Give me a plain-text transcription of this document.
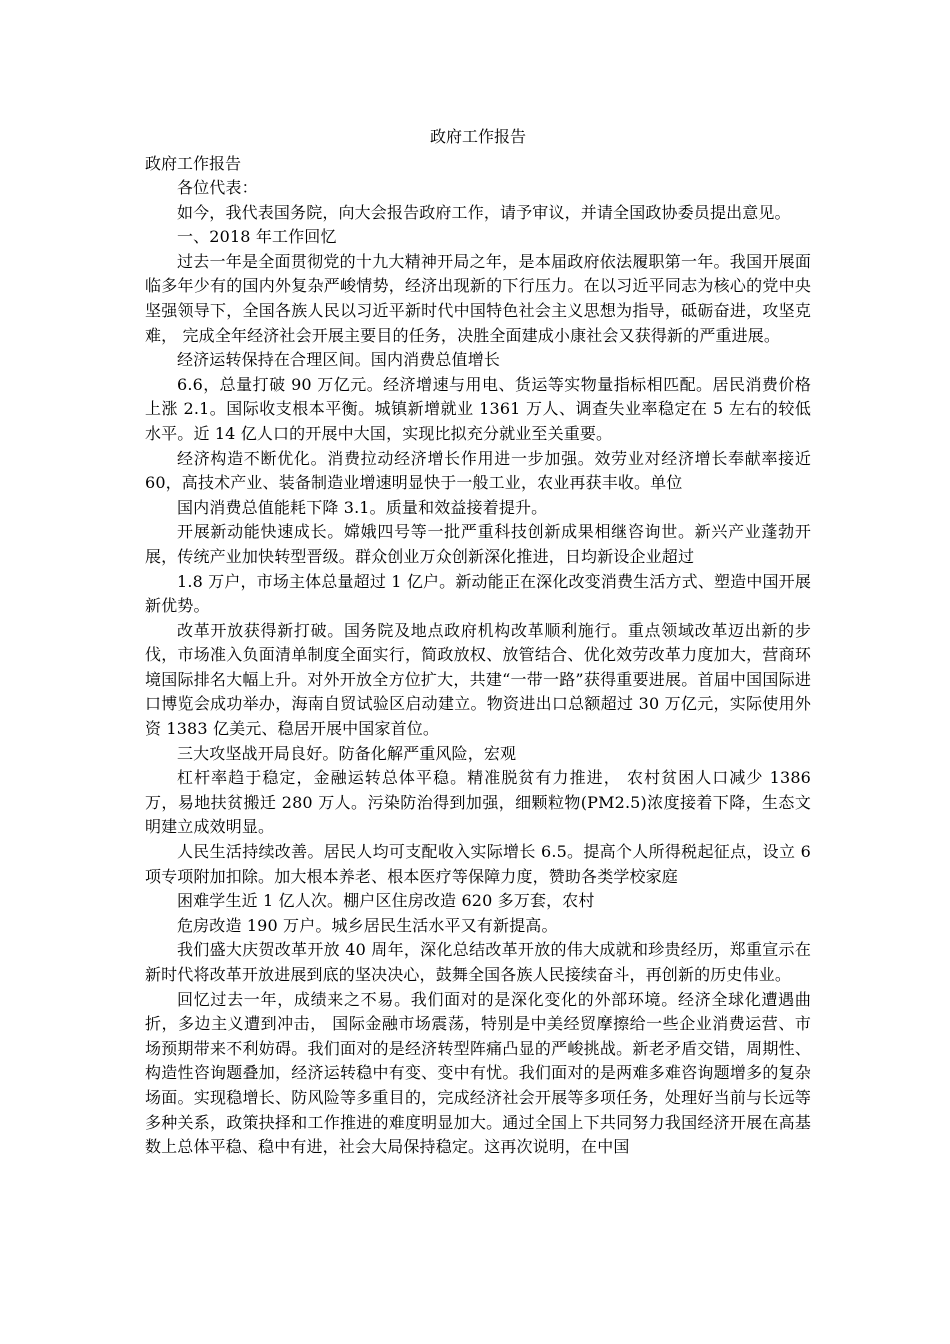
政府工作报告
政府工作报告

各位代表：

如今，我代表国务院，向大会报告政府工作，请予审议，并请全国政协委员提出意见。

一、2018 年工作回忆

过去一年是全面贯彻党的十九大精神开局之年，是本届政府依法履职第一年。我国开展面临多年少有的国内外复杂严峻情势，经济出现新的下行压力。在以习近平同志为核心的党中央坚强领导下，全国各族人民以习近平新时代中国特色社会主义思想为指导，砥砺奋进，攻坚克难， 完成全年经济社会开展主要目的任务，决胜全面建成小康社会又获得新的严重进展。

经济运转保持在合理区间。国内消费总值增长

6.6，总量打破 90 万亿元。经济增速与用电、货运等实物量指标相匹配。居民消费价格上涨 2.1。国际收支根本平衡。城镇新增就业 1361 万人、调查失业率稳定在 5 左右的较低水平。近 14 亿人口的开展中大国，实现比拟充分就业至关重要。

经济构造不断优化。消费拉动经济增长作用进一步加强。效劳业对经济增长奉献率接近 60，高技术产业、装备制造业增速明显快于一般工业，农业再获丰收。单位

国内消费总值能耗下降 3.1。质量和效益接着提升。

开展新动能快速成长。嫦娥四号等一批严重科技创新成果相继咨询世。新兴产业蓬勃开展，传统产业加快转型晋级。群众创业万众创新深化推进，日均新设企业超过

1.8 万户，市场主体总量超过 1 亿户。新动能正在深化改变消费生活方式、塑造中国开展新优势。

改革开放获得新打破。国务院及地点政府机构改革顺利施行。重点领域改革迈出新的步伐，市场准入负面清单制度全面实行，简政放权、放管结合、优化效劳改革力度加大，营商环境国际排名大幅上升。对外开放全方位扩大，共建“一带一路”获得重要进展。首届中国国际进口博览会成功举办，海南自贸试验区启动建立。物资进出口总额超过 30 万亿元，实际使用外资 1383 亿美元、稳居开展中国家首位。

三大攻坚战开局良好。防备化解严重风险，宏观

杠杆率趋于稳定，金融运转总体平稳。精准脱贫有力推进， 农村贫困人口减少 1386 万，易地扶贫搬迁 280 万人。污染防治得到加强，细颗粒物(PM2.5)浓度接着下降，生态文明建立成效明显。

人民生活持续改善。居民人均可支配收入实际增长 6.5。提高个人所得税起征点，设立 6 项专项附加扣除。加大根本养老、根本医疗等保障力度，赞助各类学校家庭

困难学生近 1 亿人次。棚户区住房改造 620 多万套，农村

危房改造 190 万户。城乡居民生活水平又有新提高。

我们盛大庆贺改革开放 40 周年，深化总结改革开放的伟大成就和珍贵经历，郑重宣示在新时代将改革开放进展到底的坚决决心，鼓舞全国各族人民接续奋斗，再创新的历史伟业。

回忆过去一年，成绩来之不易。我们面对的是深化变化的外部环境。经济全球化遭遇曲折，多边主义遭到冲击， 国际金融市场震荡，特别是中美经贸摩擦给一些企业消费运营、市场预期带来不利妨碍。我们面对的是经济转型阵痛凸显的严峻挑战。新老矛盾交错，周期性、构造性咨询题叠加，经济运转稳中有变、变中有忧。我们面对的是两难多难咨询题增多的复杂场面。实现稳增长、防风险等多重目的，完成经济社会开展等多项任务，处理好当前与长远等多种关系，政策抉择和工作推进的难度明显加大。通过全国上下共同努力我国经济开展在高基数上总体平稳、稳中有进，社会大局保持稳定。这再次说明，在中国
